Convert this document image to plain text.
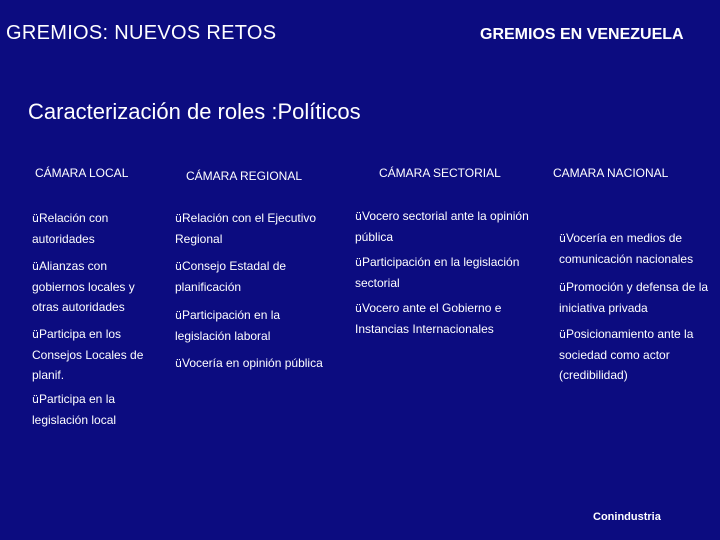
GREMIOS: NUEVOS RETOS	GREMIOS EN VENEZUELA
Caracterización de roles :Políticos
CÁMARA LOCAL	CÁMARA REGIONAL	CÁMARA SECTORIAL	CAMARA NACIONAL
üRelación con
autoridades
üAlianzas con
gobiernos locales y
otras autoridades
üParticipa en los
Consejos Locales de
planif.
üParticipa en la
legislación local
üRelación con el Ejecutivo
Regional
üConsejo Estadal de
planificación
üParticipación en la
legislación laboral
üVocería en opinión pública
üVocero sectorial ante la opinión
pública
üParticipación en la legislación
sectorial
üVocero ante el Gobierno e
Instancias Internacionales
üVocería en medios de
comunicación nacionales
üPromoción y defensa de la
iniciativa privada
üPosicionamiento ante la
sociedad como actor
(credibilidad)
Conindustria
